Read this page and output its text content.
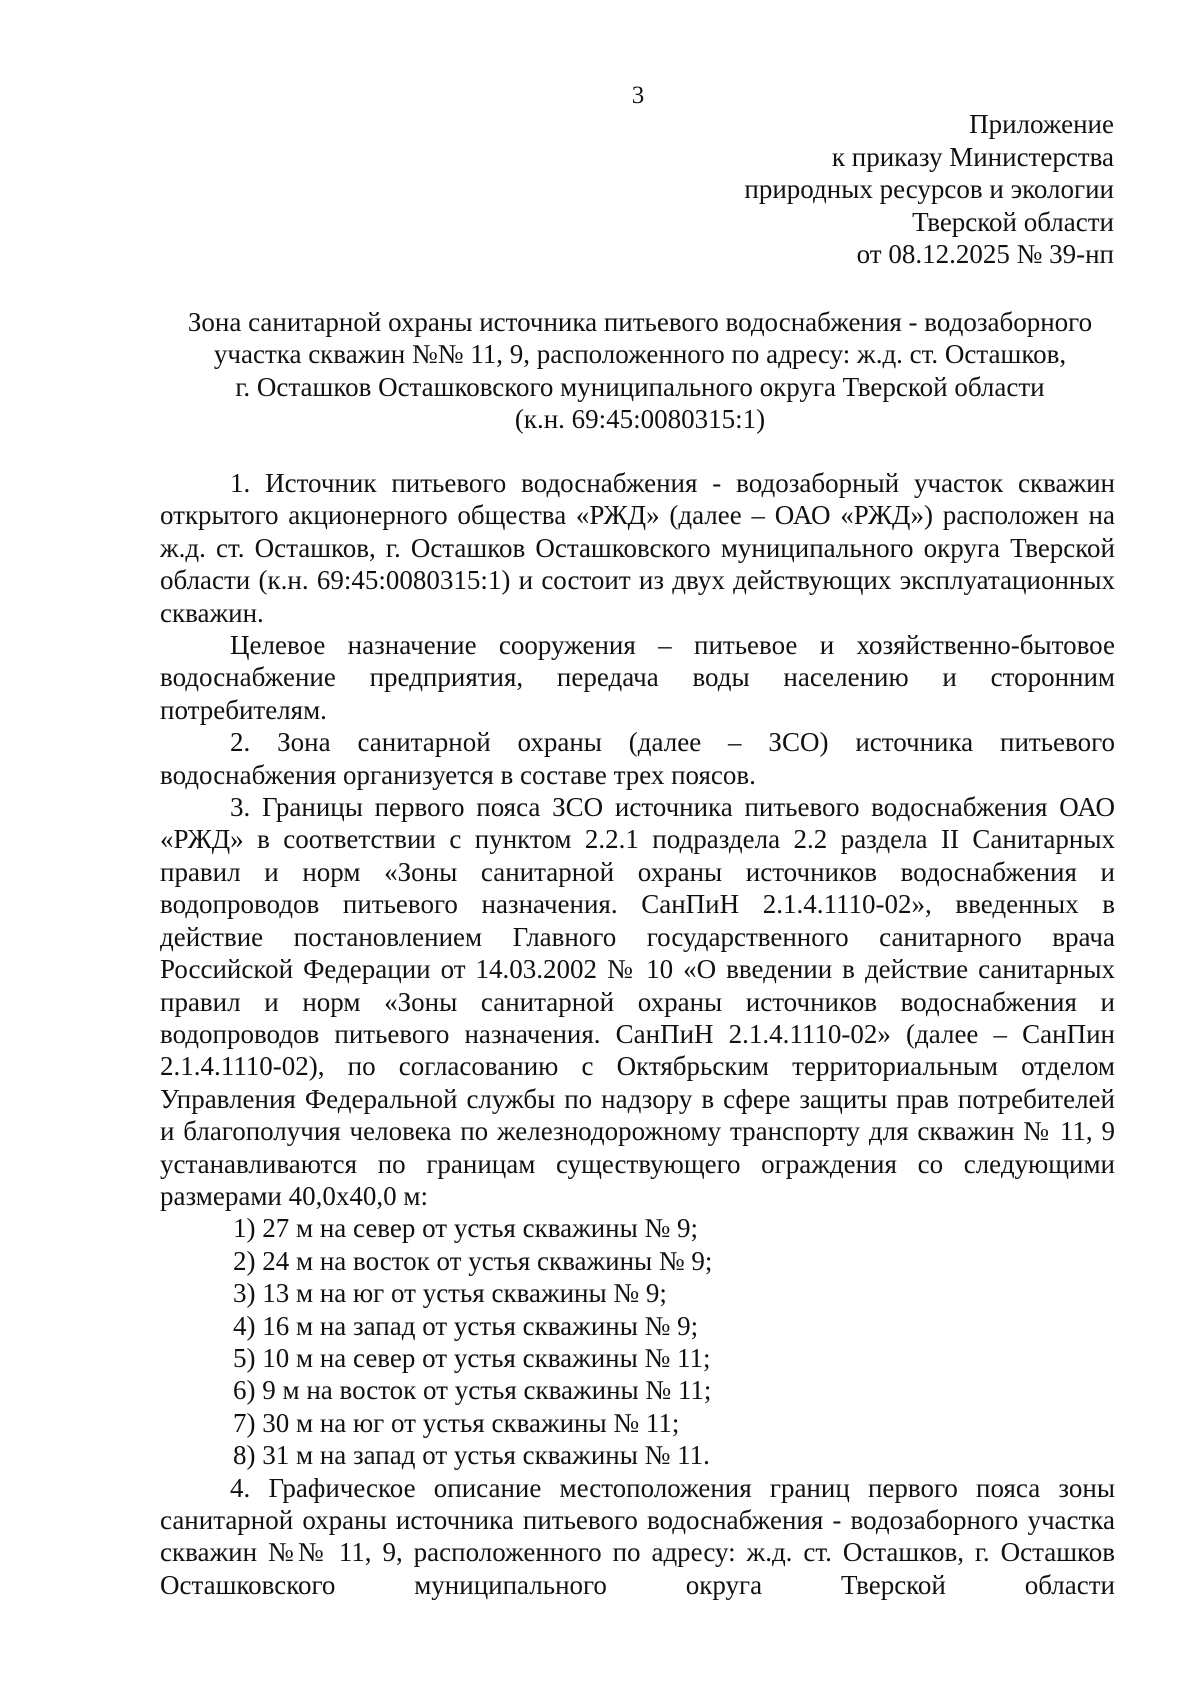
3

Приложение
к приказу Министерства
природных ресурсов и экологии
Тверской области
от 08.12.2025 № 39-нп
Зона санитарной охраны источника питьевого водоснабжения - водозаборного
участка скважин №№ 11, 9, расположенного по адресу: ж.д. ст. Осташков,
г. Осташков Осташковского муниципального округа Тверской области
(к.н. 69:45:0080315:1)

1. Источник питьевого водоснабжения - водозаборный участок скважин открытого акционерного общества «РЖД» (далее – ОАО «РЖД») расположен на ж.д. ст. Осташков, г. Осташков Осташковского муниципального округа Тверской области (к.н. 69:45:0080315:1) и состоит из двух действующих эксплуатационных скважин.

Целевое назначение сооружения – питьевое и хозяйственно-бытовое водоснабжение предприятия, передача воды населению и сторонним потребителям.

2. Зона санитарной охраны (далее – ЗСО) источника питьевого водоснабжения организуется в составе трех поясов.

3. Границы первого пояса ЗСО источника питьевого водоснабжения ОАО «РЖД» в соответствии с пунктом 2.2.1 подраздела 2.2 раздела II Санитарных правил и норм «Зоны санитарной охраны источников водоснабжения и водопроводов питьевого назначения. СанПиН 2.1.4.1110-02», введенных в действие постановлением Главного государственного санитарного врача Российской Федерации от 14.03.2002 № 10 «О введении в действие санитарных правил и норм «Зоны санитарной охраны источников водоснабжения и водопроводов питьевого назначения. СанПиН 2.1.4.1110-02» (далее – СанПин 2.1.4.1110-02), по согласованию с Октябрьским территориальным отделом Управления Федеральной службы по надзору в сфере защиты прав потребителей и благополучия человека по железнодорожному транспорту для скважин № 11, 9 устанавливаются по границам существующего ограждения со следующими размерами 40,0х40,0 м:

1) 27 м на север от устья скважины № 9;

2) 24 м на восток от устья скважины № 9;

3) 13 м на юг от устья скважины № 9;

4) 16 м на запад от устья скважины № 9;

5) 10 м на север от устья скважины № 11;

6) 9 м на восток от устья скважины № 11;

7) 30 м на юг от устья скважины № 11;

8) 31 м на запад от устья скважины № 11.

4. Графическое описание местоположения границ первого пояса зоны санитарной охраны источника питьевого водоснабжения - водозаборного участка скважин №№ 11, 9, расположенного по адресу: ж.д. ст. Осташков, г. Осташков Осташковского муниципального округа Тверской области
